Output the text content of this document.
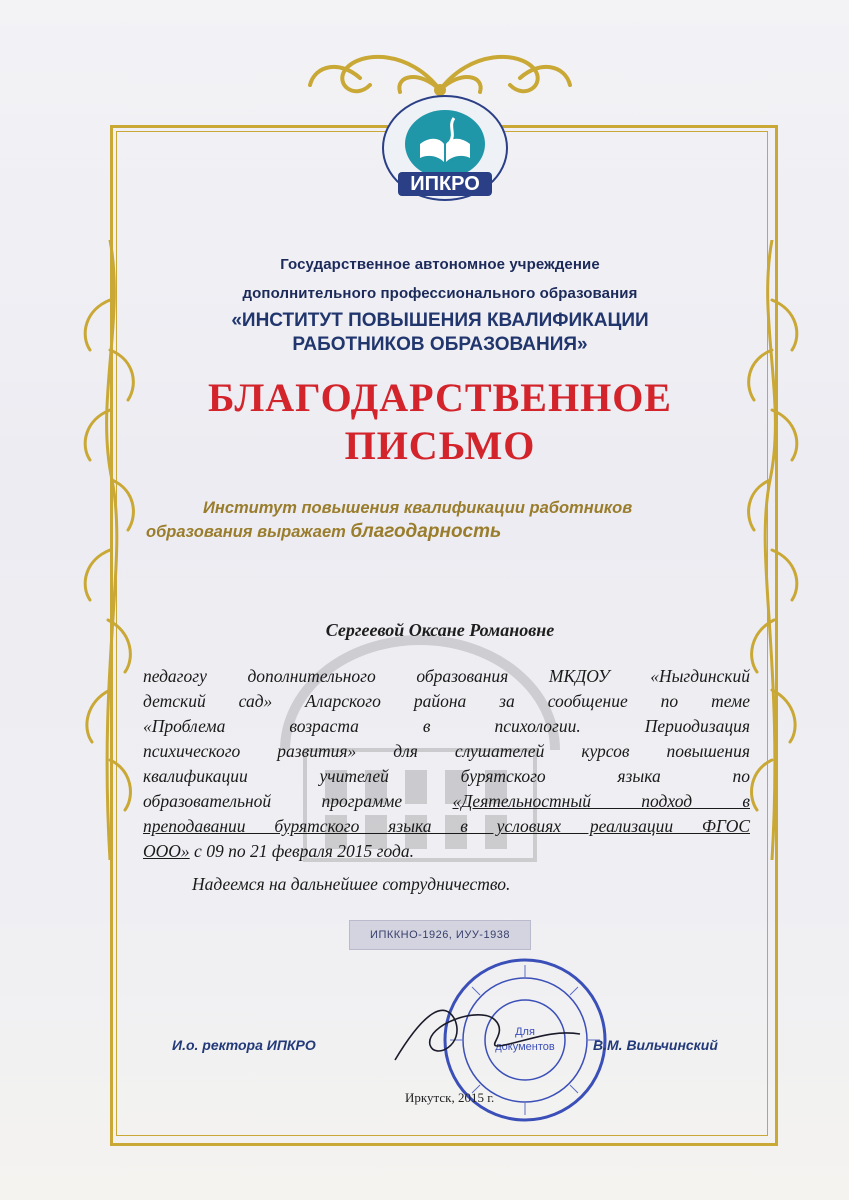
ИПКРО
Государственное автономное учреждение
дополнительного профессионального образования
«ИНСТИТУТ ПОВЫШЕНИЯ КВАЛИФИКАЦИИ
РАБОТНИКОВ ОБРАЗОВАНИЯ»
БЛАГОДАРСТВЕННОЕ
ПИСЬМО
Институт повышения квалификации работников
образования выражает благодарность
Сергеевой Оксане Романовне
педагогу дополнительного образования МКДОУ «Ныгдинский
детский сад» Аларского района за сообщение по теме
«Проблема возраста в психологии. Периодизация
психического развития» для слушателей курсов повышения
квалификации учителей бурятского языка по
образовательной программе «Деятельностный подход в
преподавании бурятского языка в условиях реализации ФГОС
ООО» с 09 по 21 февраля 2015 года.
Надеемся на дальнейшее сотрудничество.
ИПККНО-1926, ИУУ-1938
Для
документов
И.о. ректора ИПКРО	В.М. Вильчинский
Иркутск, 2015 г.
